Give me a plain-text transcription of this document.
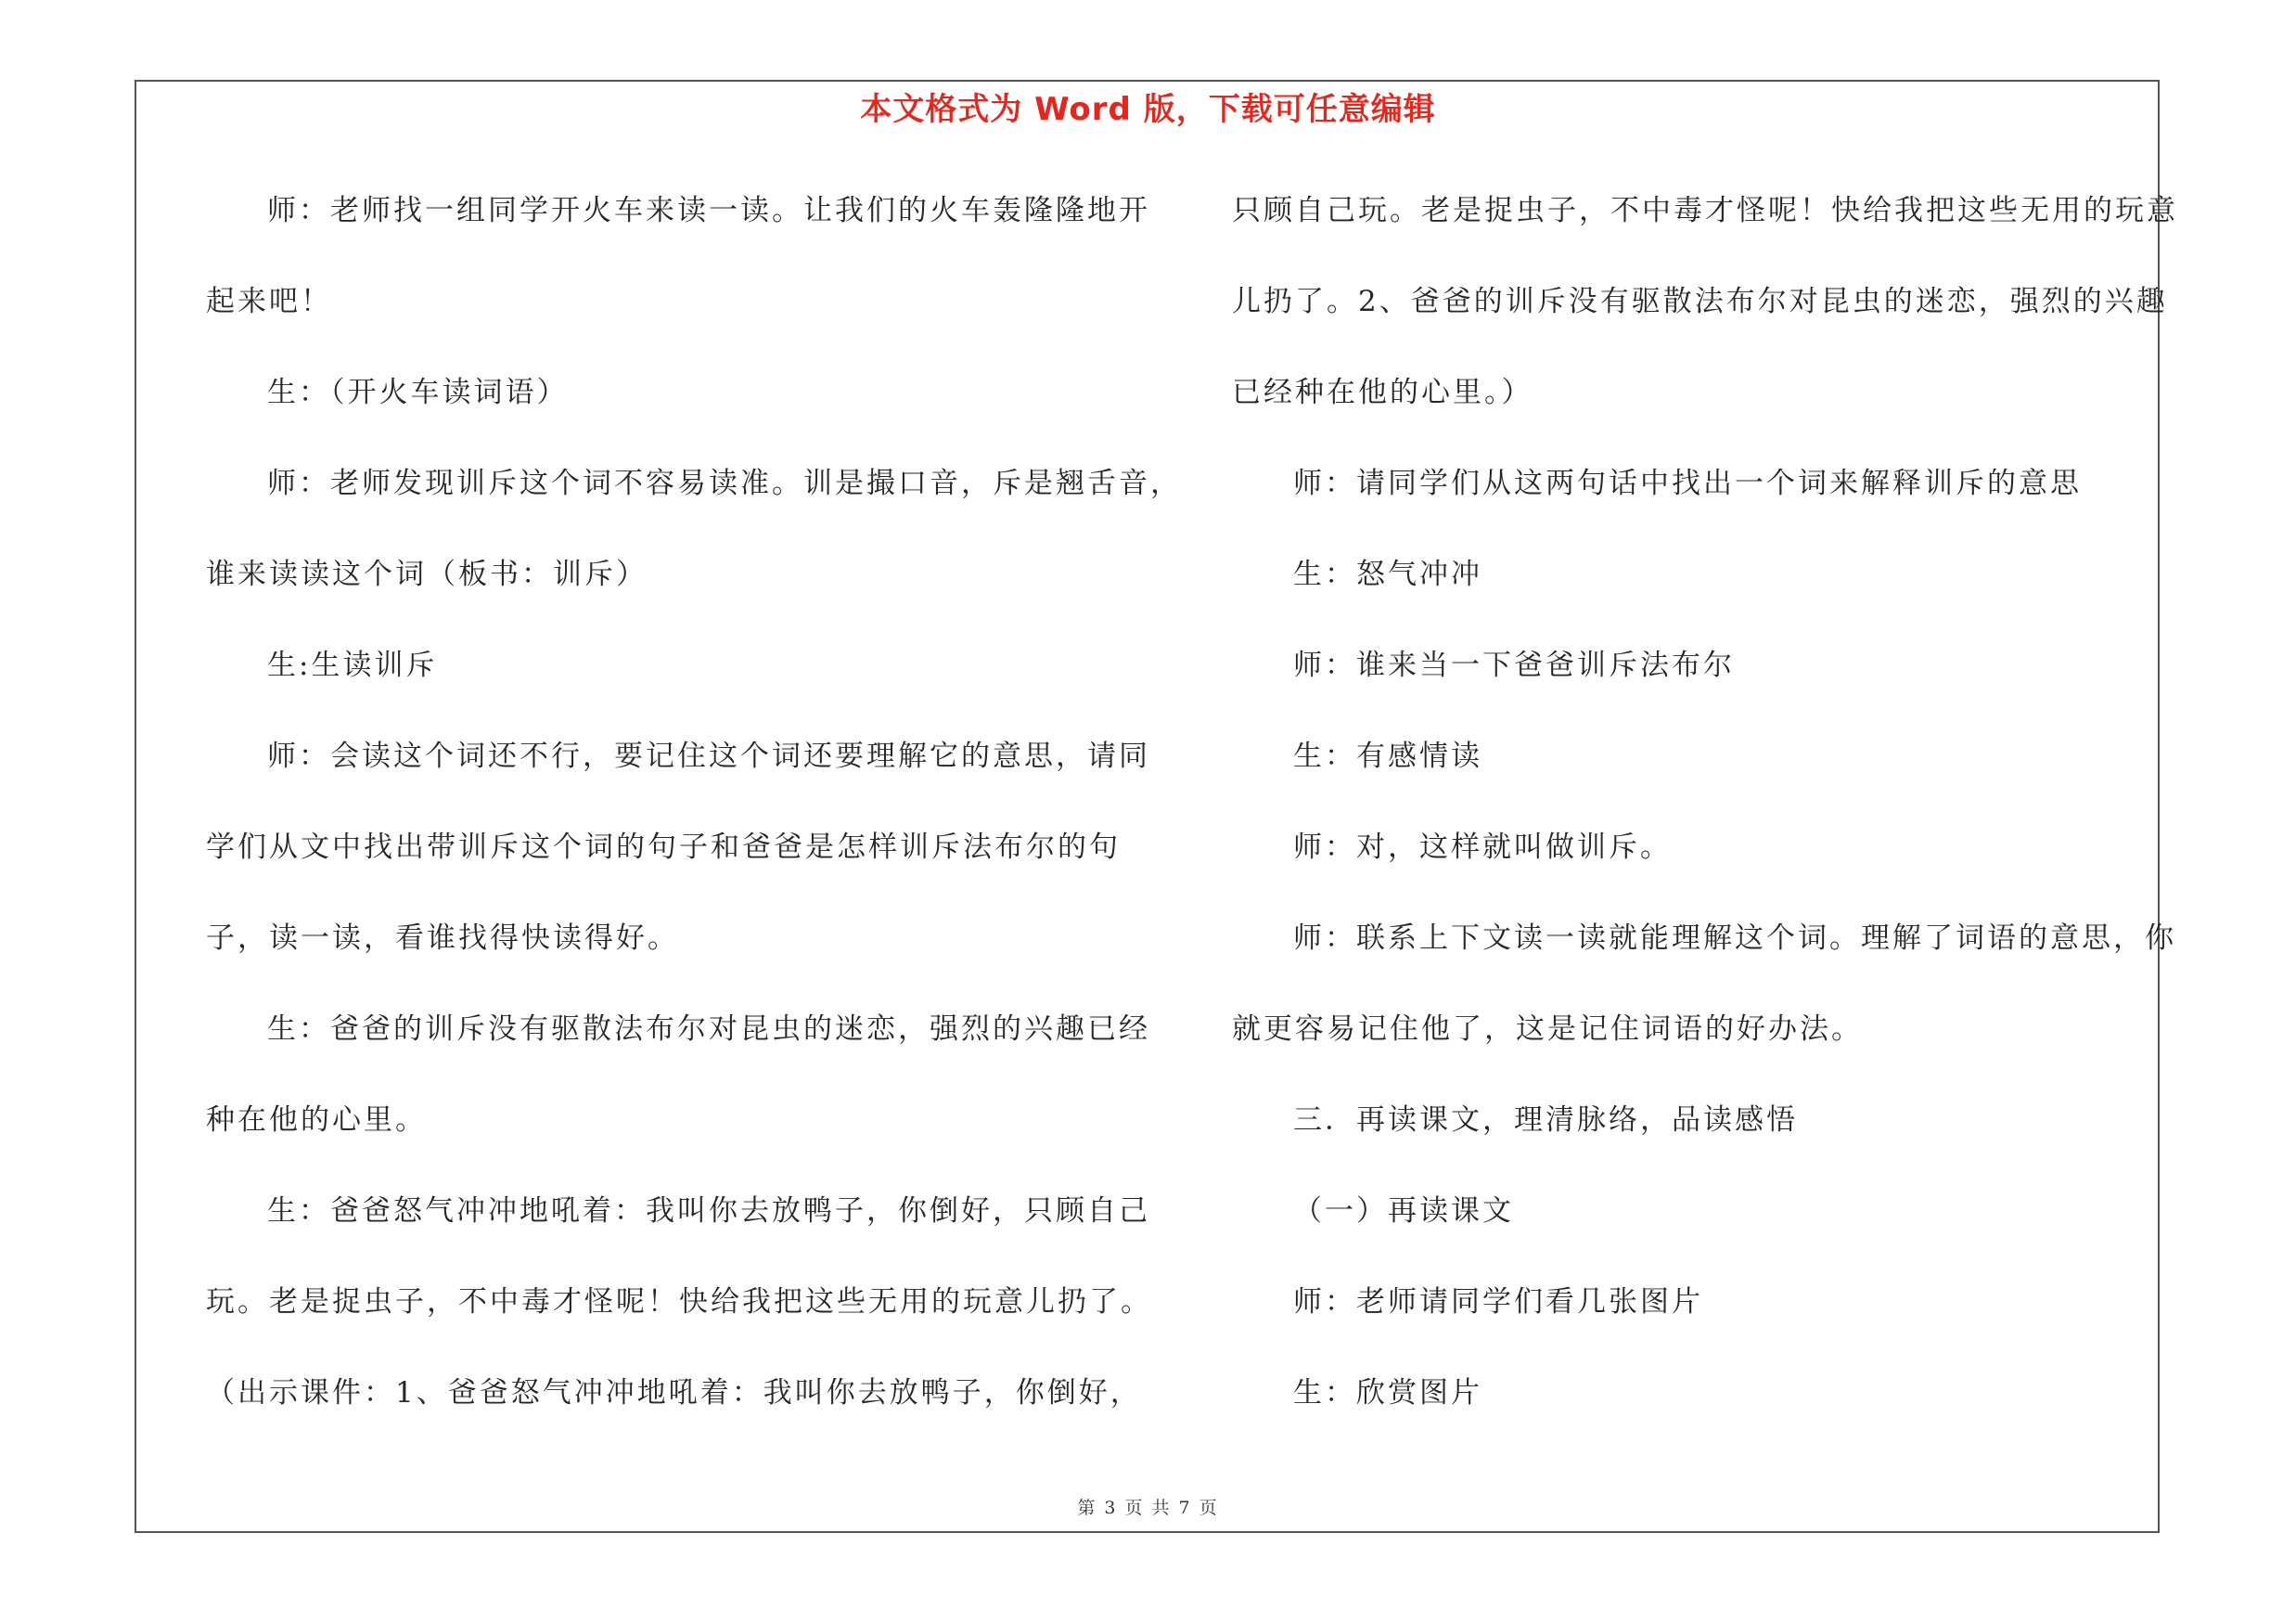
本文格式为 Word 版，下载可任意编辑
师：老师找一组同学开火车来读一读。让我们的火车轰隆隆地开
起来吧！
生：（开火车读词语）
师：老师发现训斥这个词不容易读准。训是撮口音，斥是翘舌音，
谁来读读这个词（板书：训斥）
生:生读训斥
师：会读这个词还不行，要记住这个词还要理解它的意思，请同
学们从文中找出带训斥这个词的句子和爸爸是怎样训斥法布尔的句
子，读一读，看谁找得快读得好。
生：爸爸的训斥没有驱散法布尔对昆虫的迷恋，强烈的兴趣已经
种在他的心里。
生：爸爸怒气冲冲地吼着：我叫你去放鸭子，你倒好，只顾自己
玩。老是捉虫子，不中毒才怪呢！快给我把这些无用的玩意儿扔了。
（出示课件：1、爸爸怒气冲冲地吼着：我叫你去放鸭子，你倒好，
只顾自己玩。老是捉虫子，不中毒才怪呢！快给我把这些无用的玩意
儿扔了。2、爸爸的训斥没有驱散法布尔对昆虫的迷恋，强烈的兴趣
已经种在他的心里。）
师：请同学们从这两句话中找出一个词来解释训斥的意思
生：怒气冲冲
师：谁来当一下爸爸训斥法布尔
生：有感情读
师：对，这样就叫做训斥。
师：联系上下文读一读就能理解这个词。理解了词语的意思，你
就更容易记住他了，这是记住词语的好办法。
三．再读课文，理清脉络，品读感悟
（一）再读课文
师：老师请同学们看几张图片
生：欣赏图片
第 3 页 共 7 页
